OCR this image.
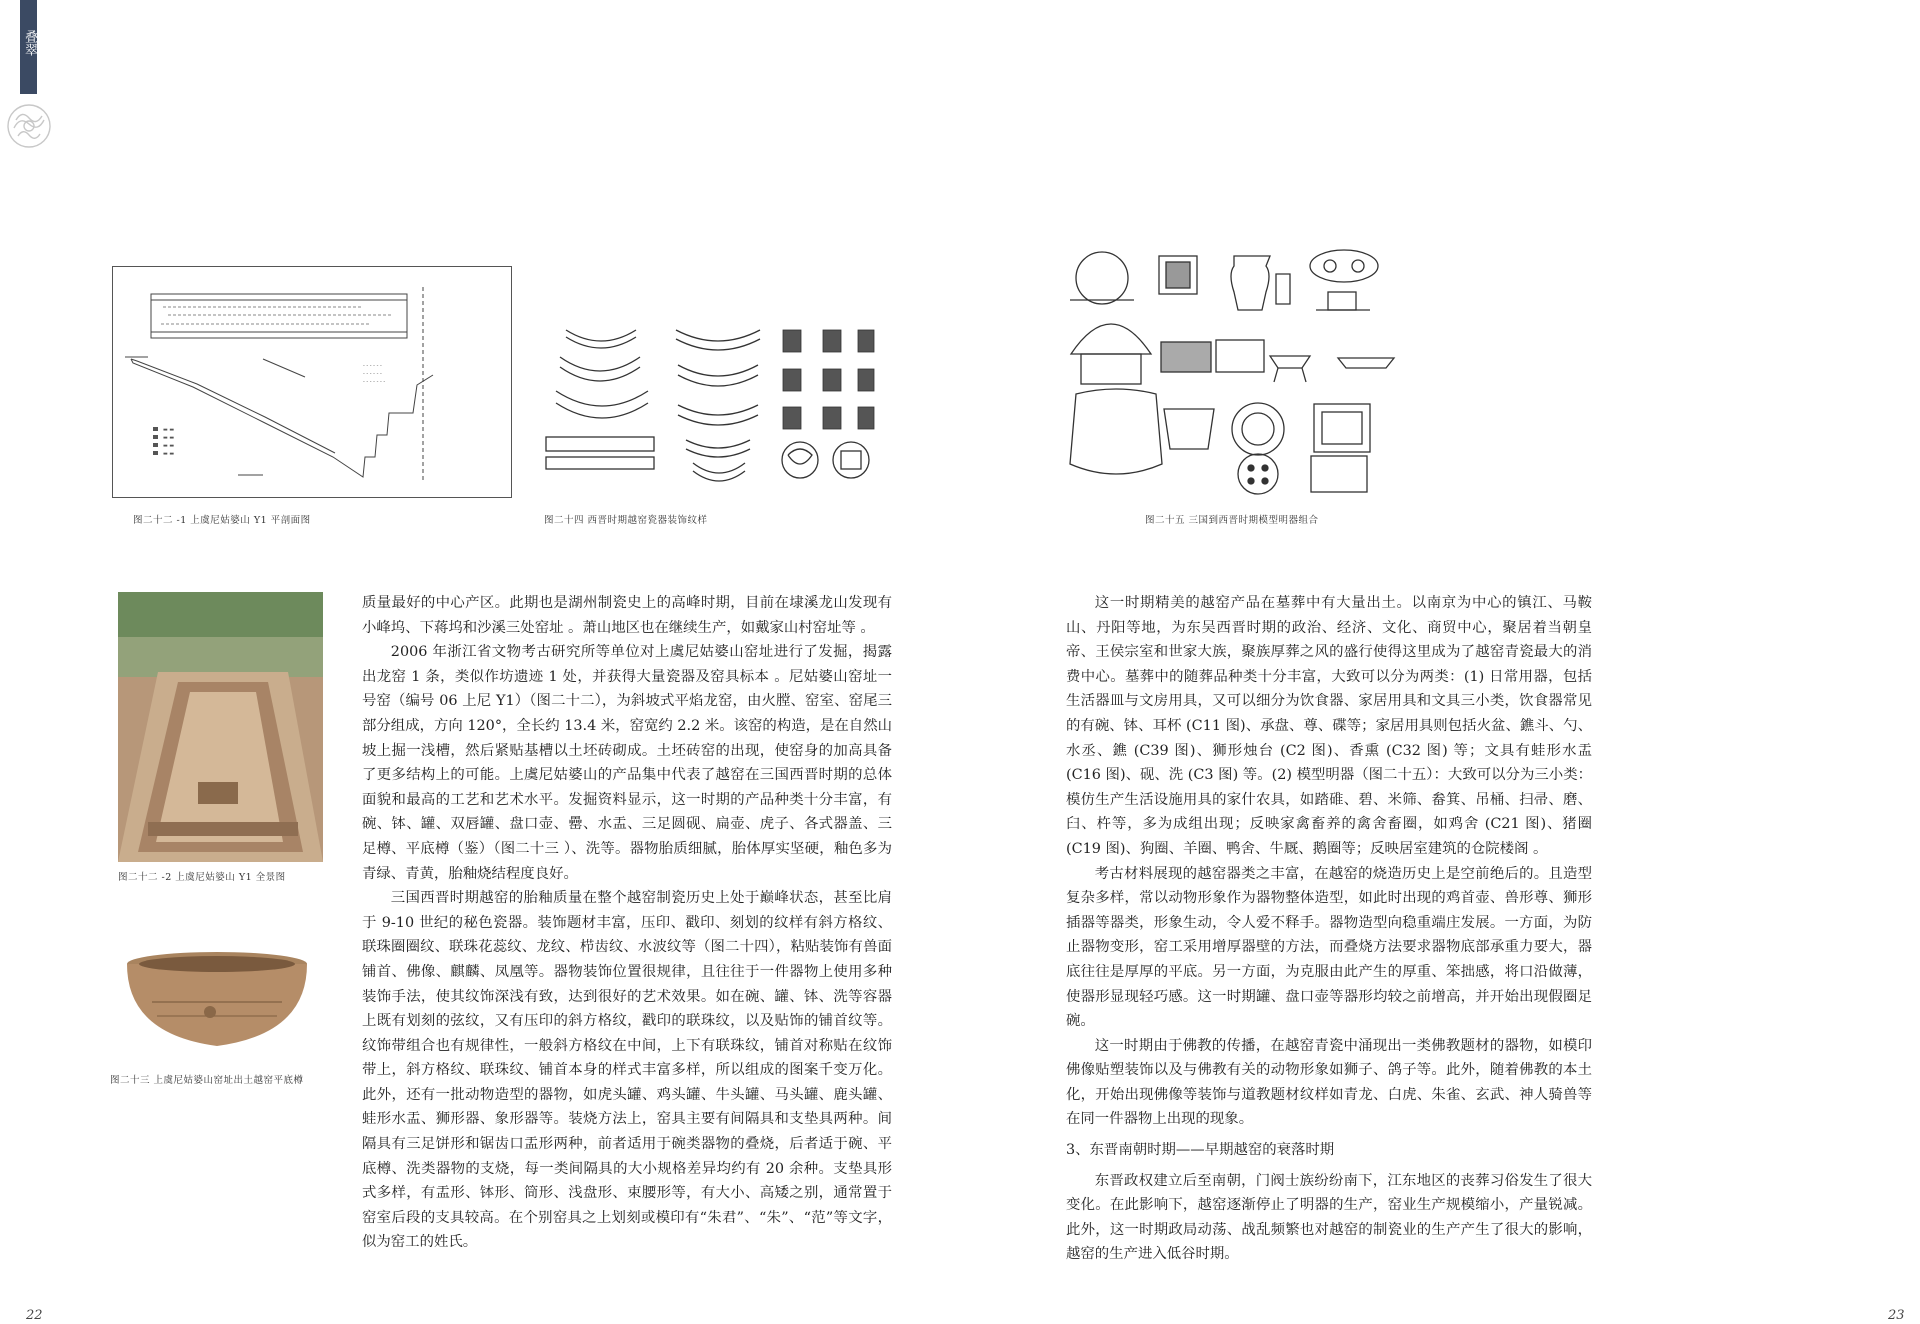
叠翠
▬ ▬
▬ ▬
▬ ▬
▬ ▬
- - - - - -
- - - - - -
- - - - - - -
图二十二 -1 上虞尼姑婆山 Y1 平剖面图	图二十四 西晋时期越窑瓷器装饰纹样	图二十五 三国到西晋时期模型明器组合
图二十二 -2 上虞尼姑婆山 Y1 全景图
图二十三 上虞尼姑婆山窑址出土越窑平底樽

质量最好的中心产区。此期也是湖州制瓷史上的高峰时期，目前在埭溪龙山发现有小峰坞、下蒋坞和沙溪三处窑址 。萧山地区也在继续生产，如戴家山村窑址等 。

2006 年浙江省文物考古研究所等单位对上虞尼姑婆山窑址进行了发掘，揭露出龙窑 1 条，类似作坊遗迹 1 处，并获得大量瓷器及窑具标本 。尼姑婆山窑址一号窑（编号 06 上尼 Y1）（图二十二），为斜坡式平焰龙窑，由火膛、窑室、窑尾三部分组成，方向 120°，全长约 13.4 米，窑宽约 2.2 米。该窑的构造，是在自然山坡上掘一浅槽，然后紧贴基槽以土坯砖砌成。土坯砖窑的出现，使窑身的加高具备了更多结构上的可能。上虞尼姑婆山的产品集中代表了越窑在三国西晋时期的总体面貌和最高的工艺和艺术水平。发掘资料显示，这一时期的产品种类十分丰富，有碗、钵、罐、双唇罐、盘口壶、罍、水盂、三足圆砚、扁壶、虎子、各式器盖、三足樽、平底樽（鉴）（图二十三 ）、洗等。器物胎质细腻，胎体厚实坚硬，釉色多为青绿、青黄，胎釉烧结程度良好。

三国西晋时期越窑的胎釉质量在整个越窑制瓷历史上处于巅峰状态，甚至比肩于 9-10 世纪的秘色瓷器。装饰题材丰富，压印、戳印、刻划的纹样有斜方格纹、联珠圈圈纹、联珠花蕊纹、龙纹、栉齿纹、水波纹等（图二十四），粘贴装饰有兽面铺首、佛像、麒麟、凤凰等。器物装饰位置很规律，且往往于一件器物上使用多种装饰手法，使其纹饰深浅有致，达到很好的艺术效果。如在碗、罐、钵、洗等容器上既有划刻的弦纹，又有压印的斜方格纹，戳印的联珠纹，以及贴饰的铺首纹等。纹饰带组合也有规律性，一般斜方格纹在中间，上下有联珠纹，铺首对称贴在纹饰带上，斜方格纹、联珠纹、铺首本身的样式丰富多样，所以组成的图案千变万化。此外，还有一批动物造型的器物，如虎头罐、鸡头罐、牛头罐、马头罐、鹿头罐、蛙形水盂、狮形器、象形器等。装烧方法上，窑具主要有间隔具和支垫具两种。间隔具有三足饼形和锯齿口盂形两种，前者适用于碗类器物的叠烧，后者适于碗、平底樽、洗类器物的支烧，每一类间隔具的大小规格差异均约有 20 余种。支垫具形式多样，有盂形、钵形、筒形、浅盘形、束腰形等，有大小、高矮之别，通常置于窑室后段的支具较高。在个别窑具之上划刻或模印有“朱君”、“朱”、“范”等文字，似为窑工的姓氏。

这一时期精美的越窑产品在墓葬中有大量出土。以南京为中心的镇江、马鞍山、丹阳等地，为东吴西晋时期的政治、经济、文化、商贸中心，聚居着当朝皇帝、王侯宗室和世家大族，聚族厚葬之风的盛行使得这里成为了越窑青瓷最大的消费中心。墓葬中的随葬品种类十分丰富，大致可以分为两类：(1) 日常用器，包括生活器皿与文房用具，又可以细分为饮食器、家居用具和文具三小类，饮食器常见的有碗、钵、耳杯 (C11 图)、承盘、尊、碟等；家居用具则包括火盆、鐎斗、勺、水丞、鐎 (C39 图)、狮形烛台 (C2 图)、香熏 (C32 图) 等；文具有蛙形水盂 (C16 图)、砚、洗 (C3 图) 等。(2) 模型明器（图二十五）：大致可以分为三小类：模仿生产生活设施用具的家什农具，如踏碓、碧、米筛、畚箕、吊桶、扫帚、磨、臼、杵等，多为成组出现；反映家禽畜养的禽舍畜圈，如鸡舍 (C21 图)、猪圈 (C19 图)、狗圈、羊圈、鸭舍、牛厩、鹅圈等；反映居室建筑的仓院楼阁 。

考古材料展现的越窑器类之丰富，在越窑的烧造历史上是空前绝后的。且造型复杂多样，常以动物形象作为器物整体造型，如此时出现的鸡首壶、兽形尊、狮形插器等器类，形象生动，令人爱不释手。器物造型向稳重端庄发展。一方面，为防止器物变形，窑工采用增厚器壁的方法，而叠烧方法要求器物底部承重力要大，器底往往是厚厚的平底。另一方面，为克服由此产生的厚重、笨拙感，将口沿做薄，使器形显现轻巧感。这一时期罐、盘口壶等器形均较之前增高，并开始出现假圈足碗。

这一时期由于佛教的传播，在越窑青瓷中涌现出一类佛教题材的器物，如模印佛像贴塑装饰以及与佛教有关的动物形象如狮子、鸽子等。此外，随着佛教的本土化，开始出现佛像等装饰与道教题材纹样如青龙、白虎、朱雀、玄武、神人骑兽等在同一件器物上出现的现象。

3、东晋南朝时期——早期越窑的衰落时期

东晋政权建立后至南朝，门阀士族纷纷南下，江东地区的丧葬习俗发生了很大变化。在此影响下，越窑逐渐停止了明器的生产，窑业生产规模缩小，产量锐减。此外，这一时期政局动荡、战乱频繁也对越窑的制瓷业的生产产生了很大的影响，越窑的生产进入低谷时期。

22	23
